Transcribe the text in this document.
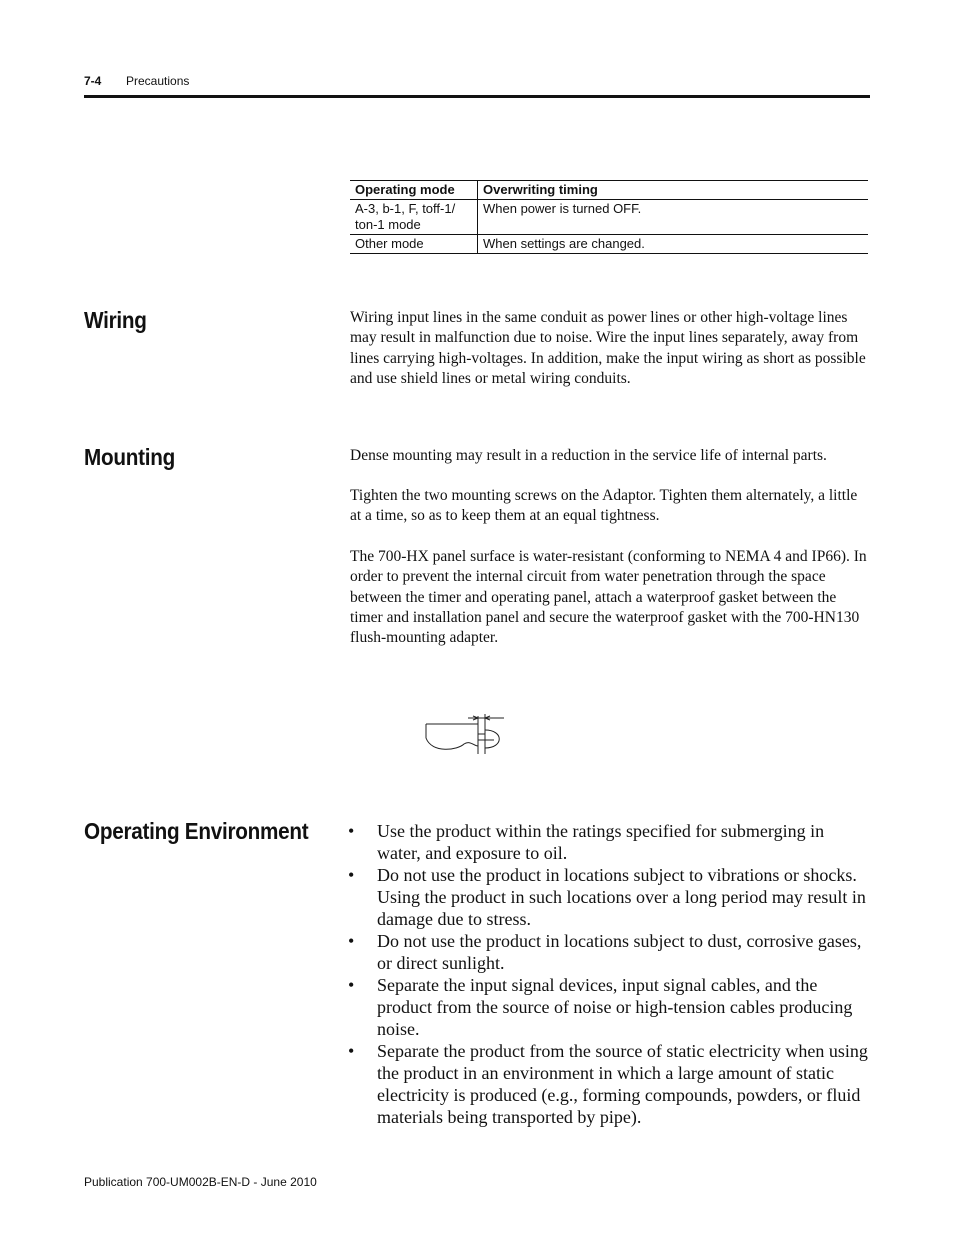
7-4 Precautions
Operating mode	Overwriting timing
A-3, b-1, F, toff-1/
ton-1 mode	When power is turned OFF.
Other mode	When settings are changed.
Wiring	Wiring input lines in the same conduit as power lines or other high-voltage lines may result in malfunction due to noise. Wire the input lines separately, away from lines carrying high-voltages. In addition, make the input wiring as short as possible and use shield lines or metal wiring conduits.

Mounting	Dense mounting may result in a reduction in the service life of internal parts.

Tighten the two mounting screws on the Adaptor. Tighten them alternately, a little at a time, so as to keep them at an equal tightness.

The 700-HX panel surface is water-resistant (conforming to NEMA 4 and IP66). In order to prevent the internal circuit from water penetration through the space between the timer and operating panel, attach a waterproof gasket between the timer and installation panel and secure the waterproof gasket with the 700-HN130 flush-mounting adapter.

Operating Environment • Use the product within the ratings specified for submerging in water, and exposure to oil.
• Do not use the product in locations subject to vibrations or shocks. Using the product in such locations over a long period may result in damage due to stress.
• Do not use the product in locations subject to dust, corrosive gases, or direct sunlight.
• Separate the input signal devices, input signal cables, and the product from the source of noise or high-tension cables producing noise.
• Separate the product from the source of static electricity when using the product in an environment in which a large amount of static electricity is produced (e.g., forming compounds, powders, or fluid materials being transported by pipe).
Publication 700-UM002B-EN-D - June 2010
